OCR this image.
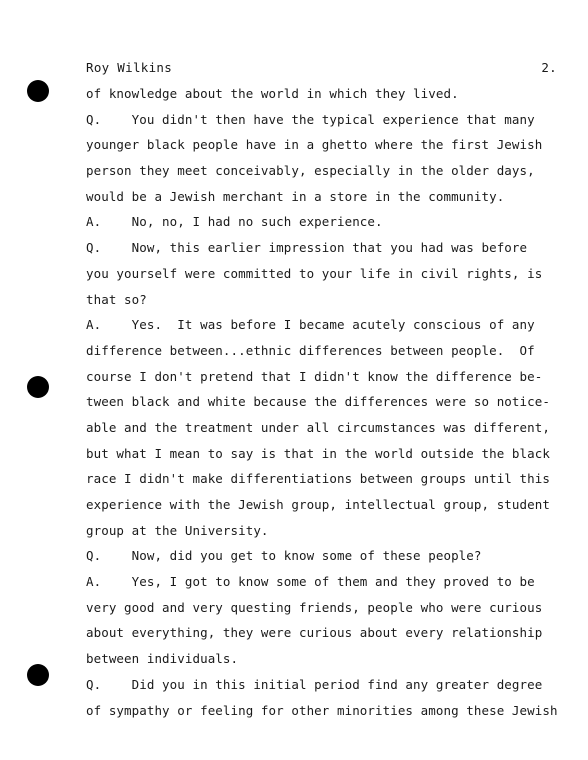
Roy Wilkins	2.
of knowledge about the world in which they lived.
Q.    You didn't then have the typical experience that many
younger black people have in a ghetto where the first Jewish
person they meet conceivably, especially in the older days,
would be a Jewish merchant in a store in the community.
A.    No, no, I had no such experience.
Q.    Now, this earlier impression that you had was before
you yourself were committed to your life in civil rights, is
that so?
A.    Yes.  It was before I became acutely conscious of any
difference between...ethnic differences between people.  Of
course I don't pretend that I didn't know the difference be-
tween black and white because the differences were so notice-
able and the treatment under all circumstances was different,
but what I mean to say is that in the world outside the black
race I didn't make differentiations between groups until this
experience with the Jewish group, intellectual group, student
group at the University.
Q.    Now, did you get to know some of these people?
A.    Yes, I got to know some of them and they proved to be
very good and very questing friends, people who were curious
about everything, they were curious about every relationship
between individuals.
Q.    Did you in this initial period find any greater degree
of sympathy or feeling for other minorities among these Jewish
